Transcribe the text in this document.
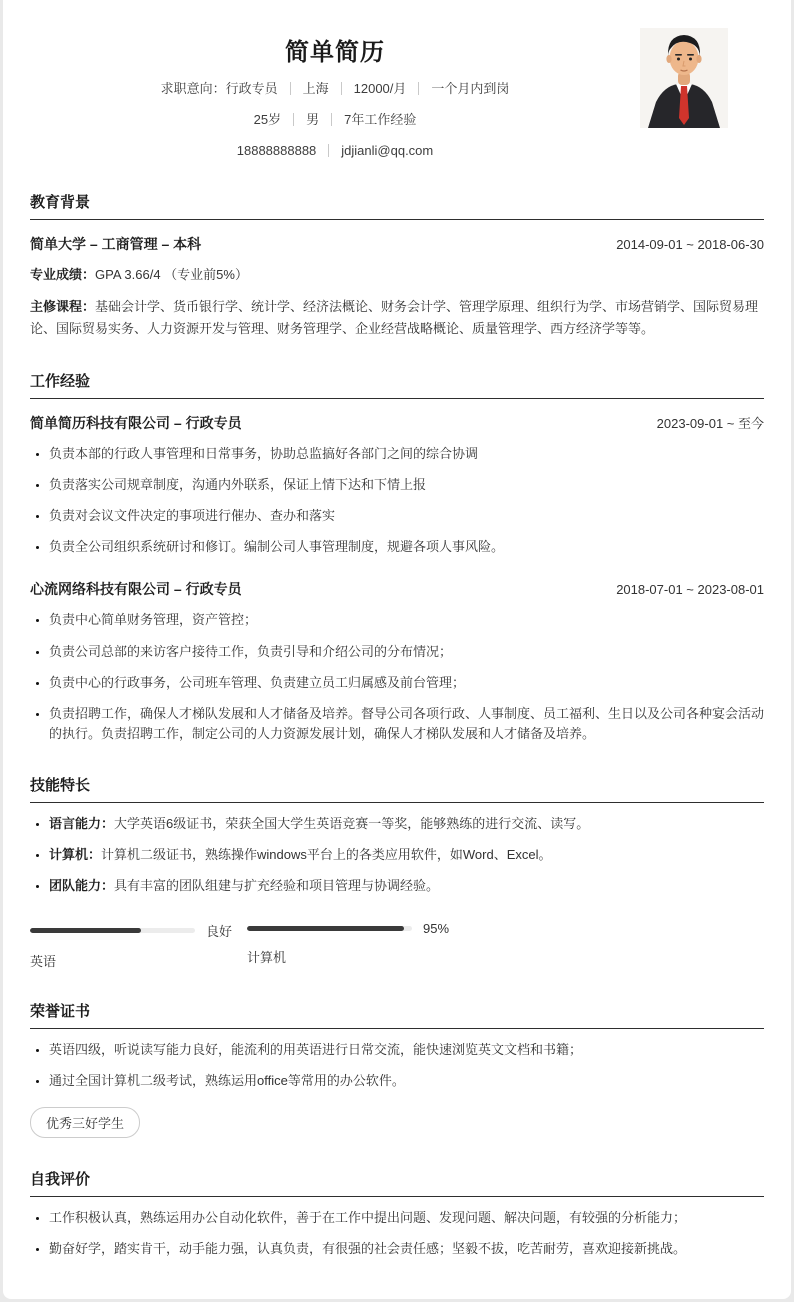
简单简历
求职意向：行政专员 上海 12000/月 一个月内到岗
25岁 男 7年工作经验
18888888888 jdjianli@qq.com
教育背景
简单大学 – 工商管理 – 本科	2014-09-01 ~ 2018-06-30
专业成绩：GPA 3.66/4 （专业前5%）
主修课程：基础会计学、货币银行学、统计学、经济法概论、财务会计学、管理学原理、组织行为学、市场营销学、国际贸易理论、国际贸易实务、人力资源开发与管理、财务管理学、企业经营战略概论、质量管理学、西方经济学等等。
工作经验
简单简历科技有限公司 – 行政专员	2023-09-01 ~ 至今
• 负责本部的行政人事管理和日常事务，协助总监搞好各部门之间的综合协调
• 负责落实公司规章制度，沟通内外联系，保证上情下达和下情上报
• 负责对会议文件决定的事项进行催办、查办和落实
• 负责全公司组织系统研讨和修订。编制公司人事管理制度，规避各项人事风险。
心流网络科技有限公司 – 行政专员	2018-07-01 ~ 2023-08-01
• 负责中心简单财务管理，资产管控；
• 负责公司总部的来访客户接待工作，负责引导和介绍公司的分布情况；
• 负责中心的行政事务，公司班车管理、负责建立员工归属感及前台管理；
• 负责招聘工作，确保人才梯队发展和人才储备及培养。督导公司各项行政、人事制度、员工福利、生日以及公司各种宴会活动的执行。负责招聘工作，制定公司的人力资源发展计划，确保人才梯队发展和人才储备及培养。
技能特长
• 语言能力：大学英语6级证书，荣获全国大学生英语竞赛一等奖，能够熟练的进行交流、读写。
• 计算机：计算机二级证书，熟练操作windows平台上的各类应用软件，如Word、Excel。
• 团队能力：具有丰富的团队组建与扩充经验和项目管理与协调经验。
良好
英语
95%
计算机
荣誉证书
• 英语四级，听说读写能力良好，能流利的用英语进行日常交流，能快速浏览英文文档和书籍；
• 通过全国计算机二级考试，熟练运用office等常用的办公软件。
优秀三好学生
自我评价
• 工作积极认真，熟练运用办公自动化软件，善于在工作中提出问题、发现问题、解决问题，有较强的分析能力；
• 勤奋好学，踏实肯干，动手能力强，认真负责，有很强的社会责任感；坚毅不拔，吃苦耐劳，喜欢迎接新挑战。
